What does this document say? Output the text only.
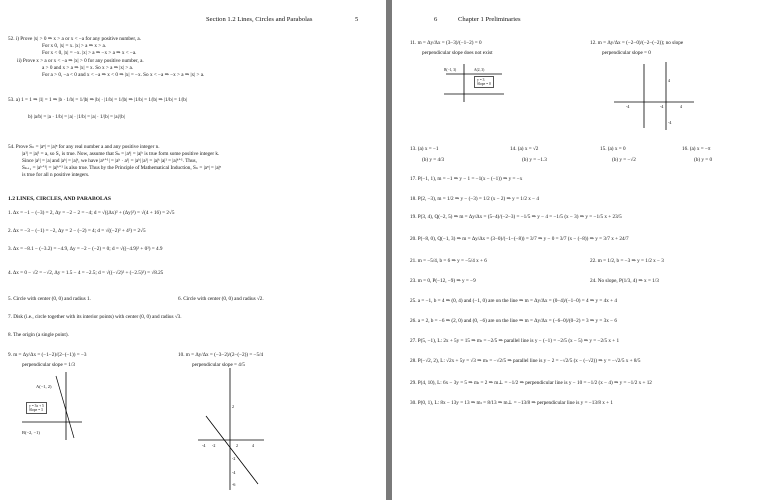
Section 1.2 Lines, Circles and Parabolas	5
52. i) Prove |x| > 0 ⇒ x > a or x < −a for any positive number, a.
For x 0, |x| = x. |x| > a ⇒ x > a.
For x < 0, |x| = −x. |x| > a ⇒ −x > a ⇒ x < −a.
ii) Prove x > a or x < −a ⇒ |x| > 0 for any positive number, a.
a > 0 and x > a ⇒ |x| = x. So x > a ⇒ |x| > a.
For a > 0, −a < 0 and x < −a ⇒ x < 0 ⇒ |x| = −x. So x < −a ⇒ −x > a ⇒ |x| > a.
53. a) 1 = 1 ⇒ |1| = 1 ⇒ |b · 1/b| = 1/|b| ⇒ |b| · |1/b| = 1/|b| ⇒ |1/b| = 1/|b| ⇒ |1/b| = 1/|b|
b) |a/b| = |a · 1/b| = |a| · |1/b| = |a| · 1/|b| = |a|/|b|
54. Prove Sₙ = |aⁿ| = |a|ⁿ for any real number a and any positive integer n.
|a¹| = |a|¹ = a, so S₁ is true. Now, assume that Sₖ = |aᵏ| = |a|ᵏ is true form some positive integer k.
Since |a¹| = |a| and |aᵏ| = |a|ᵏ, we have |aᵏ⁺¹| = |aᵏ · a¹| = |aᵏ| |a¹| = |a|ᵏ |a|¹ = |a|ᵏ⁺¹. Thus,
Sₖ₊₁ = |aᵏ⁺¹| = |a|ᵏ⁺¹ is also true. Thus by the Principle of Mathematical Induction, Sₙ = |aⁿ| = |a|ⁿ
is true for all n positive integers.
1. Δx = −1 − (−3) = 2, Δy = −2 − 2 = −4; d = √((Δx)² + (Δy)²) = √(4 + 16) = 2√5
2. Δx = −3 − (−1) = −2, Δy = 2 − (−2) = 4; d = √((−2)² + 4²) = 2√5
3. Δx = −8.1 − (−3.2) = −4.9, Δy = −2 − (−2) = 0; d = √((−4.9)² + 0²) = 4.9
4. Δx = 0 − √2 = −√2, Δy = 1.5 − 4 = −2.5; d = √((−√2)² + (−2.5)²) = √8.25
5. Circle with center (0, 0) and radius 1.	6. Circle with center (0, 0) and radius √2.
7. Disk (i.e., circle together with its interior points) with center (0, 0) and radius √3.
8. The origin (a single point).
9. m = Δy/Δx = (−1−2)/(2−(−1)) = −3
perpendicular slope = 1/3
10. m = Δy/Δx = (−3−2)/(2−(−2)) = −5/4
perpendicular slope = 4/5
1.2 LINES, CIRCLES, AND PARABOLAS
y = 3x + 5
Slope = 3
A(−1, 2)
B(−2, −1)
-4 -2	2	4
2
-2
-4
-6
6	Chapter 1 Preliminaries
11. m = Δy/Δx = (3−3)/(−1−2) = 0
perpendicular slope does not exist
12. m = Δy/Δx = (−2−0)/(−2−(−2)); no slope
perpendicular slope = 0
13. (a) x = −1
(b) y = 4/3
14. (a) x = √2
(b) y = −1.3
15. (a) x = 0
(b) y = −√2
16. (a) x = −π
(b) y = 0
17. P(−1, 1), m = −1 ⇒ y − 1 = −1(x − (−1)) ⇒ y = −x
18. P(2, −3), m = 1/2 ⇒ y − (−3) = 1/2 (x − 2) ⇒ y = 1/2 x − 4
19. P(3, 4), Q(−2, 5) ⇒ m = Δy/Δx = (5−4)/(−2−3) = −1/5 ⇒ y − 4 = −1/5 (x − 3) ⇒ y = −1/5 x + 23/5
20. P(−8, 0), Q(−1, 3) ⇒ m = Δy/Δx = (3−0)/(−1−(−8)) = 3/7 ⇒ y − 0 = 3/7 (x − (−8)) ⇒ y = 3/7 x + 24/7
21. m = −5/4, b = 6 ⇒ y = −5/4 x + 6	22. m = 1/2, b = −3 ⇒ y = 1/2 x − 3
23. m = 0, P(−12, −9) ⇒ y = −9	24. No slope, P(1/3, 4) ⇒ x = 1/3
25. a = −1, b = 4 ⇒ (0, 4) and (−1, 0) are on the line ⇒ m = Δy/Δx = (0−4)/(−1−0) = 4 ⇒ y = 4x + 4
26. a = 2, b = −6 ⇒ (2, 0) and (0, −6) are on the line ⇒ m = Δy/Δx = (−6−0)/(0−2) = 3 ⇒ y = 3x − 6
27. P(5, −1), L: 2x + 5y = 15 ⇒ mₗ = −2/5 ⇒ parallel line is y − (−1) = −2/5 (x − 5) ⇒ y = −2/5 x + 1
28. P(−√2, 2), L: √2x + 5y = √3 ⇒ mₗ = −√2/5 ⇒ parallel line is y − 2 = −√2/5 (x − (−√2)) ⇒ y = −√2/5 x + 8/5
29. P(4, 10), L: 6x − 3y = 5 ⇒ mₗ = 2 ⇒ m⊥ = −1/2 ⇒ perpendicular line is y − 10 = −1/2 (x − 4) ⇒ y = −1/2 x + 12
30. P(0, 1), L: 8x − 13y = 13 ⇒ mₗ = 8/13 ⇒ m⊥ = −13/8 ⇒ perpendicular line is y = −13/8 x + 1
B(−1, 3)	A(2, 3)
y = 3
Slope = 0
-4	-4	4
4
-4
